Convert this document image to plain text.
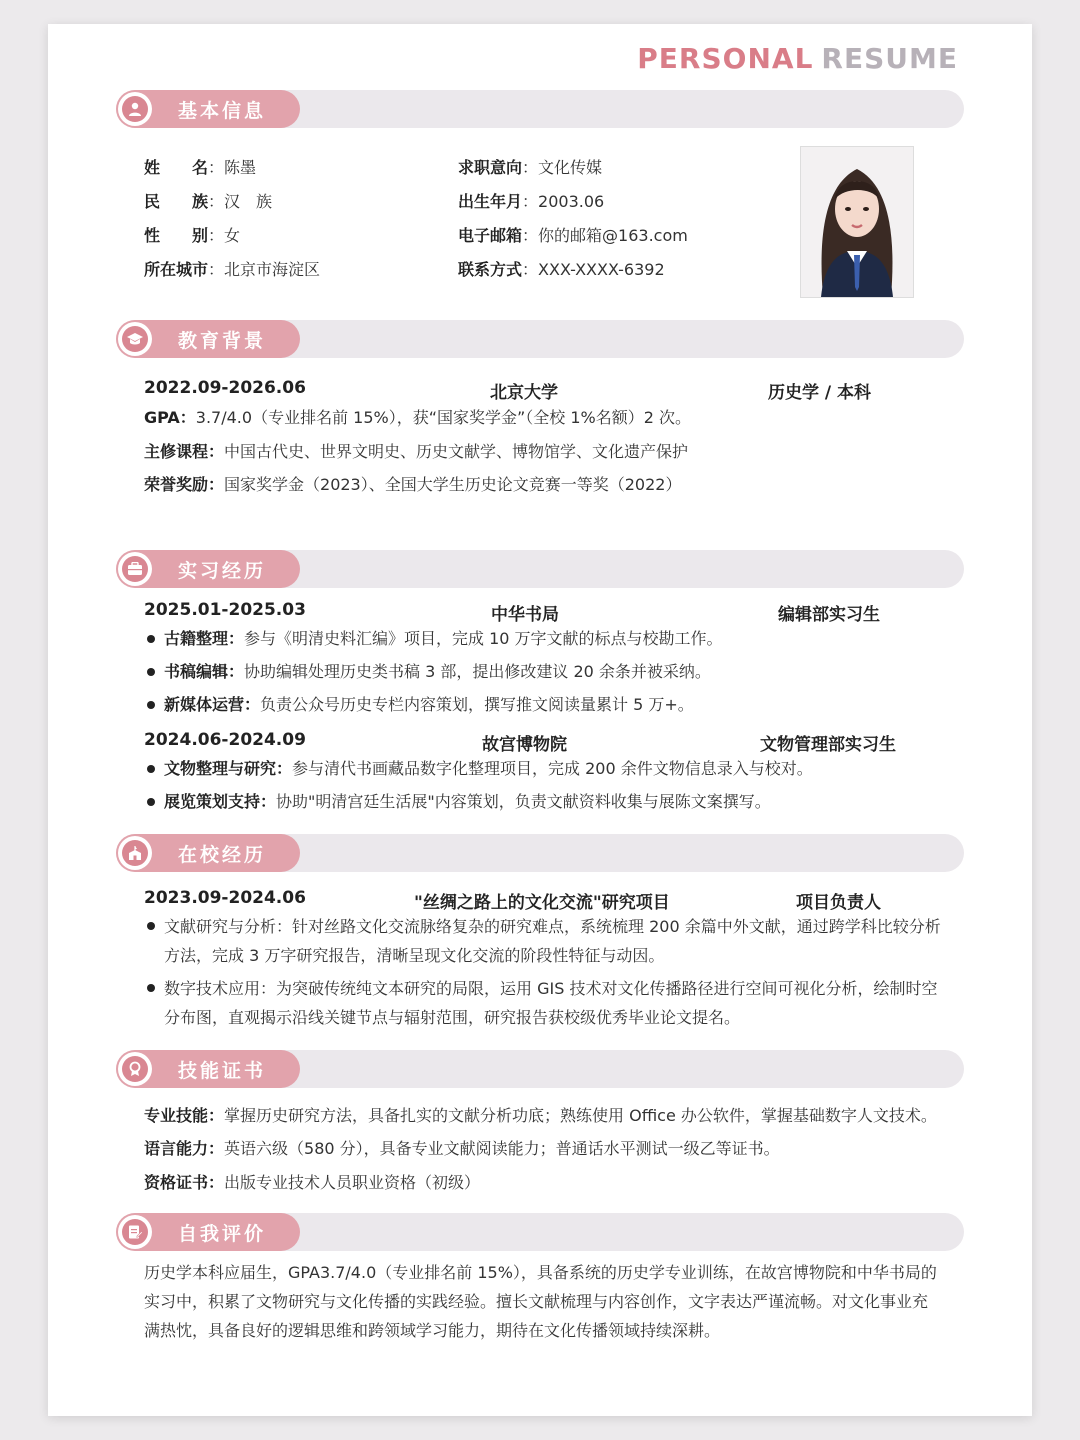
PERSONAL RESUME
基本信息
姓　　名：陈墨
民　　族：汉　族
性　　别：女
所在城市：北京市海淀区
求职意向：文化传媒
出生年月：2003.06
电子邮箱：你的邮箱@163.com
联系方式：XXX-XXXX-6392
教育背景
2022.09-2026.06	北京大学	历史学 / 本科
GPA：3.7/4.0（专业排名前 15%），获“国家奖学金”（全校 1%名额）2 次。
主修课程：中国古代史、世界文明史、历史文献学、博物馆学、文化遗产保护
荣誉奖励：国家奖学金（2023）、全国大学生历史论文竞赛一等奖（2022）
实习经历
2025.01-2025.03	中华书局	编辑部实习生
古籍整理：参与《明清史料汇编》项目，完成 10 万字文献的标点与校勘工作。
书稿编辑：协助编辑处理历史类书稿 3 部，提出修改建议 20 余条并被采纳。
新媒体运营：负责公众号历史专栏内容策划，撰写推文阅读量累计 5 万+。
2024.06-2024.09	故宫博物院	文物管理部实习生
文物整理与研究：参与清代书画藏品数字化整理项目，完成 200 余件文物信息录入与校对。
展览策划支持：协助"明清宫廷生活展"内容策划，负责文献资料收集与展陈文案撰写。
在校经历
2023.09-2024.06	"丝绸之路上的文化交流"研究项目	项目负责人
文献研究与分析：针对丝路文化交流脉络复杂的研究难点，系统梳理 200 余篇中外文献，通过跨学科比较分析
方法，完成 3 万字研究报告，清晰呈现文化交流的阶段性特征与动因。
数字技术应用：为突破传统纯文本研究的局限，运用 GIS 技术对文化传播路径进行空间可视化分析，绘制时空
分布图，直观揭示沿线关键节点与辐射范围，研究报告获校级优秀毕业论文提名。
技能证书
专业技能：掌握历史研究方法，具备扎实的文献分析功底；熟练使用 Office 办公软件，掌握基础数字人文技术。
语言能力：英语六级（580 分），具备专业文献阅读能力；普通话水平测试一级乙等证书。
资格证书：出版专业技术人员职业资格（初级）
自我评价
历史学本科应届生，GPA3.7/4.0（专业排名前 15%），具备系统的历史学专业训练，在故宫博物院和中华书局的
实习中，积累了文物研究与文化传播的实践经验。擅长文献梳理与内容创作，文字表达严谨流畅。对文化事业充
满热忱，具备良好的逻辑思维和跨领域学习能力，期待在文化传播领域持续深耕。
